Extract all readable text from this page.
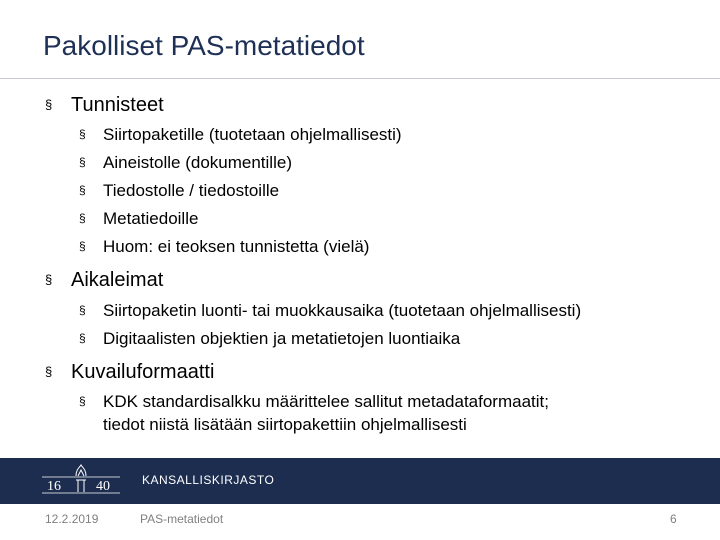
Pakolliset PAS-metatiedot
§ Tunnisteet
§ Siirtopaketille (tuotetaan ohjelmallisesti)
§ Aineistolle (dokumentille)
§ Tiedostolle / tiedostoille
§ Metatiedoille
§ Huom: ei teoksen tunnistetta (vielä)
§ Aikaleimat
§ Siirtopaketin luonti- tai muokkausaika (tuotetaan ohjelmallisesti)
§ Digitaalisten objektien ja metatietojen luontiaika
§ Kuvailuformaatti
§ KDK standardisalkku määrittelee sallitut metadataformaatit;
tiedot niistä lisätään siirtopakettiin ohjelmallisesti
16	40	KANSALLISKIRJASTO
12.2.2019	PAS-metatiedot	6
